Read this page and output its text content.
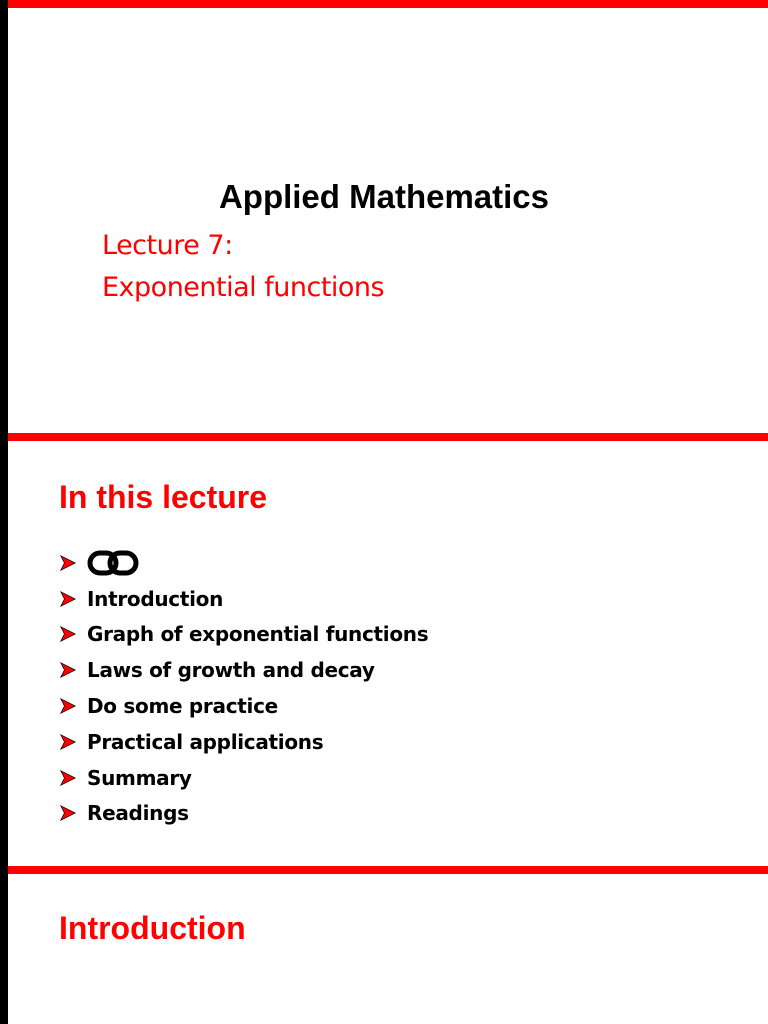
Applied Mathematics
Lecture 7:
Exponential functions
In this lecture
Introduction
Graph of exponential functions
Laws of growth and decay
Do some practice
Practical applications
Summary
Readings
Introduction
